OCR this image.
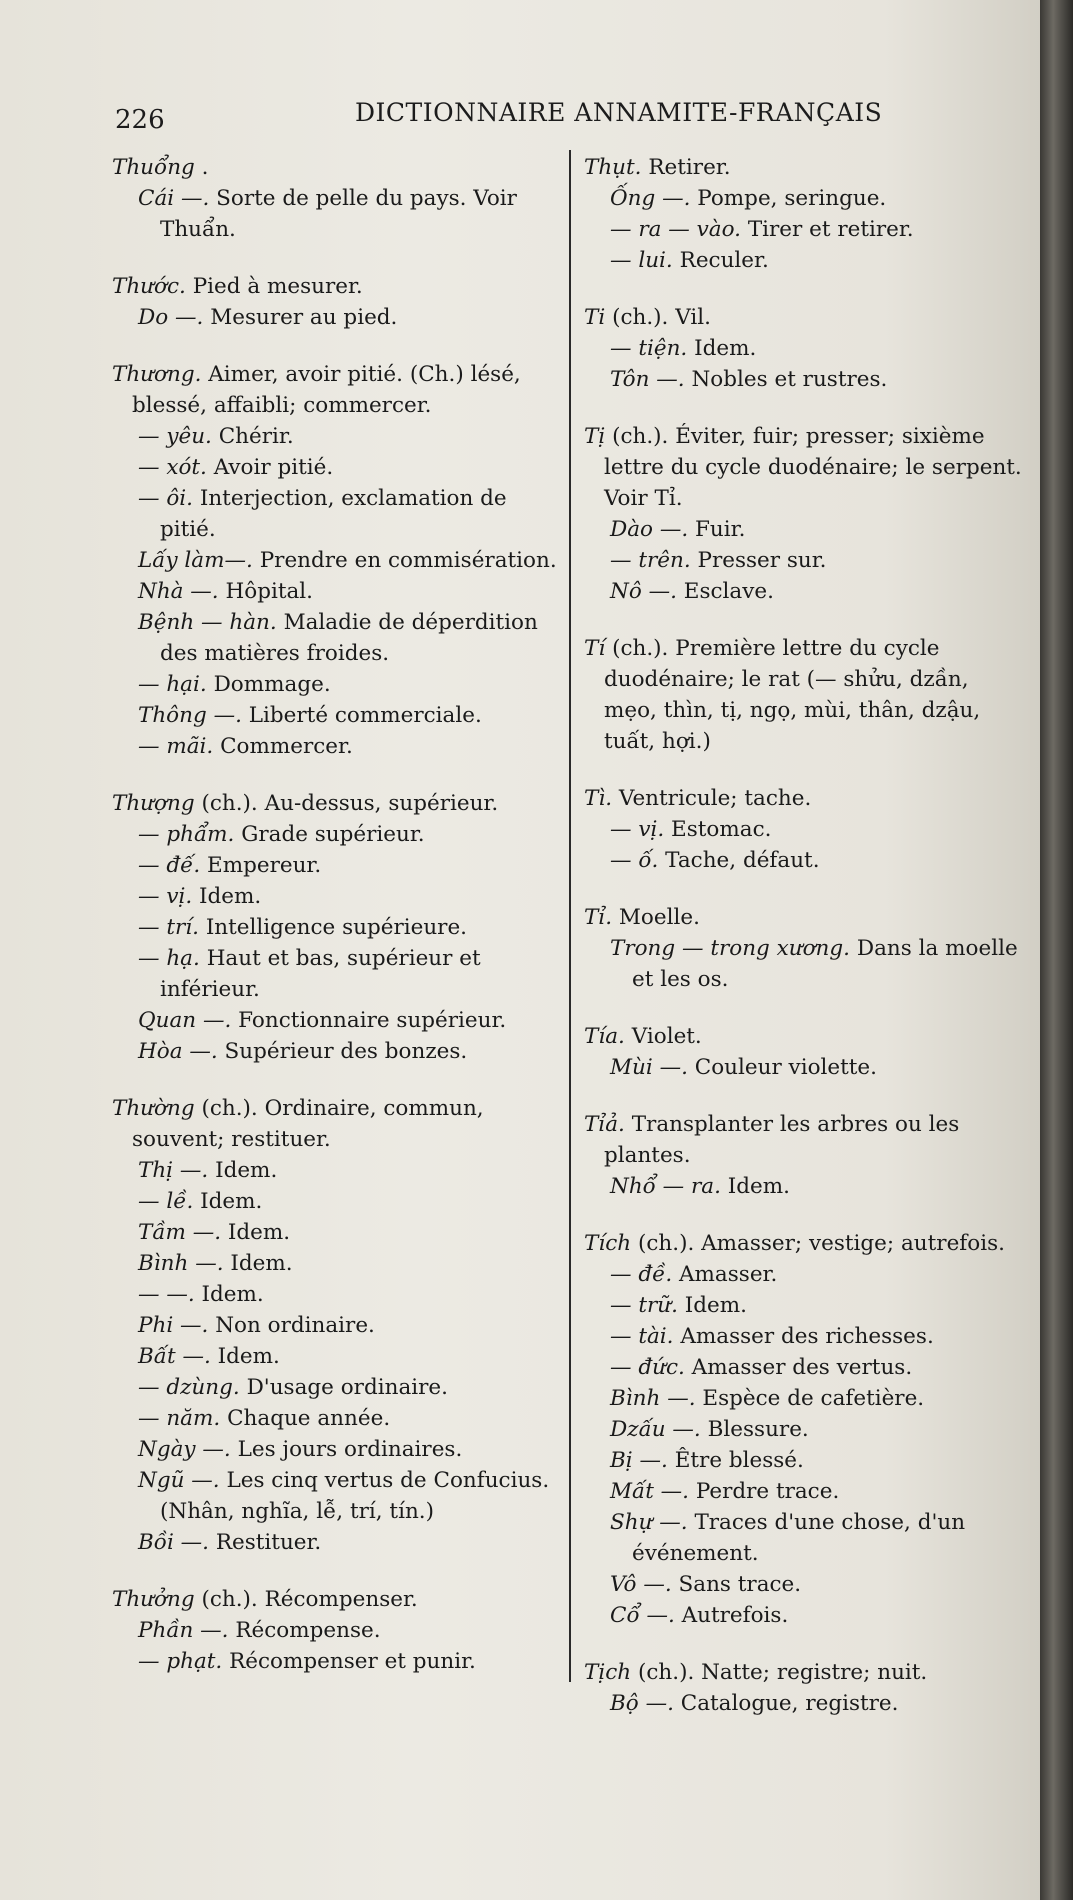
226	DICTIONNAIRE ANNAMITE-FRANÇAIS
Thuổng .
Cái —. Sorte de pelle du pays. Voir Thuẩn.
Thước. Pied à mesurer.
Do —. Mesurer au pied.
Thương. Aimer, avoir pitié. (Ch.) lésé, blessé, affaibli; commercer.
— yêu. Chérir.
— xót. Avoir pitié.
— ôi. Interjection, exclamation de pitié.
Lấy làm—. Prendre en commisération.
Nhà —. Hôpital.
Bệnh — hàn. Maladie de déperdition des matières froides.
— hại. Dommage.
Thông —. Liberté commerciale.
— mãi. Commercer.
Thượng (ch.). Au-dessus, supérieur.
— phẩm. Grade supérieur.
— đế. Empereur.
— vị. Idem.
— trí. Intelligence supérieure.
— hạ. Haut et bas, supérieur et inférieur.
Quan —. Fonctionnaire supérieur.
Hòa —. Supérieur des bonzes.
Thường (ch.). Ordinaire, commun, souvent; restituer.
Thị —. Idem.
— lề. Idem.
Tầm —. Idem.
Bình —. Idem.
— —. Idem.
Phi —. Non ordinaire.
Bất —. Idem.
— dzùng. D'usage ordinaire.
— năm. Chaque année.
Ngày —. Les jours ordinaires.
Ngũ —. Les cinq vertus de Confucius. (Nhân, nghĩa, lễ, trí, tín.)
Bồi —. Restituer.
Thưởng (ch.). Récompenser.
Phần —. Récompense.
— phạt. Récompenser et punir.
Thụt. Retirer.
Ống —. Pompe, seringue.
— ra — vào. Tirer et retirer.
— lui. Reculer.
Ti (ch.). Vil.
— tiện. Idem.
Tôn —. Nobles et rustres.
Tị (ch.). Éviter, fuir; presser; sixième lettre du cycle duodénaire; le serpent. Voir Tỉ.
Dào —. Fuir.
— trên. Presser sur.
Nô —. Esclave.
Tí (ch.). Première lettre du cycle duodénaire; le rat (— shửu, dzần, mẹo, thìn, tị, ngọ, mùi, thân, dzậu, tuất, hợi.)
Tì. Ventricule; tache.
— vị. Estomac.
— ố. Tache, défaut.
Tỉ. Moelle.
Trong — trong xương. Dans la moelle et les os.
Tía. Violet.
Mùi —. Couleur violette.
Tỉả. Transplanter les arbres ou les plantes.
Nhổ — ra. Idem.
Tích (ch.). Amasser; vestige; autrefois.
— đề. Amasser.
— trữ. Idem.
— tài. Amasser des richesses.
— đức. Amasser des vertus.
Bình —. Espèce de cafetière.
Dzấu —. Blessure.
Bị —. Être blessé.
Mất —. Perdre trace.
Shự —. Traces d'une chose, d'un événement.
Vô —. Sans trace.
Cổ —. Autrefois.
Tịch (ch.). Natte; registre; nuit.
Bộ —. Catalogue, registre.
